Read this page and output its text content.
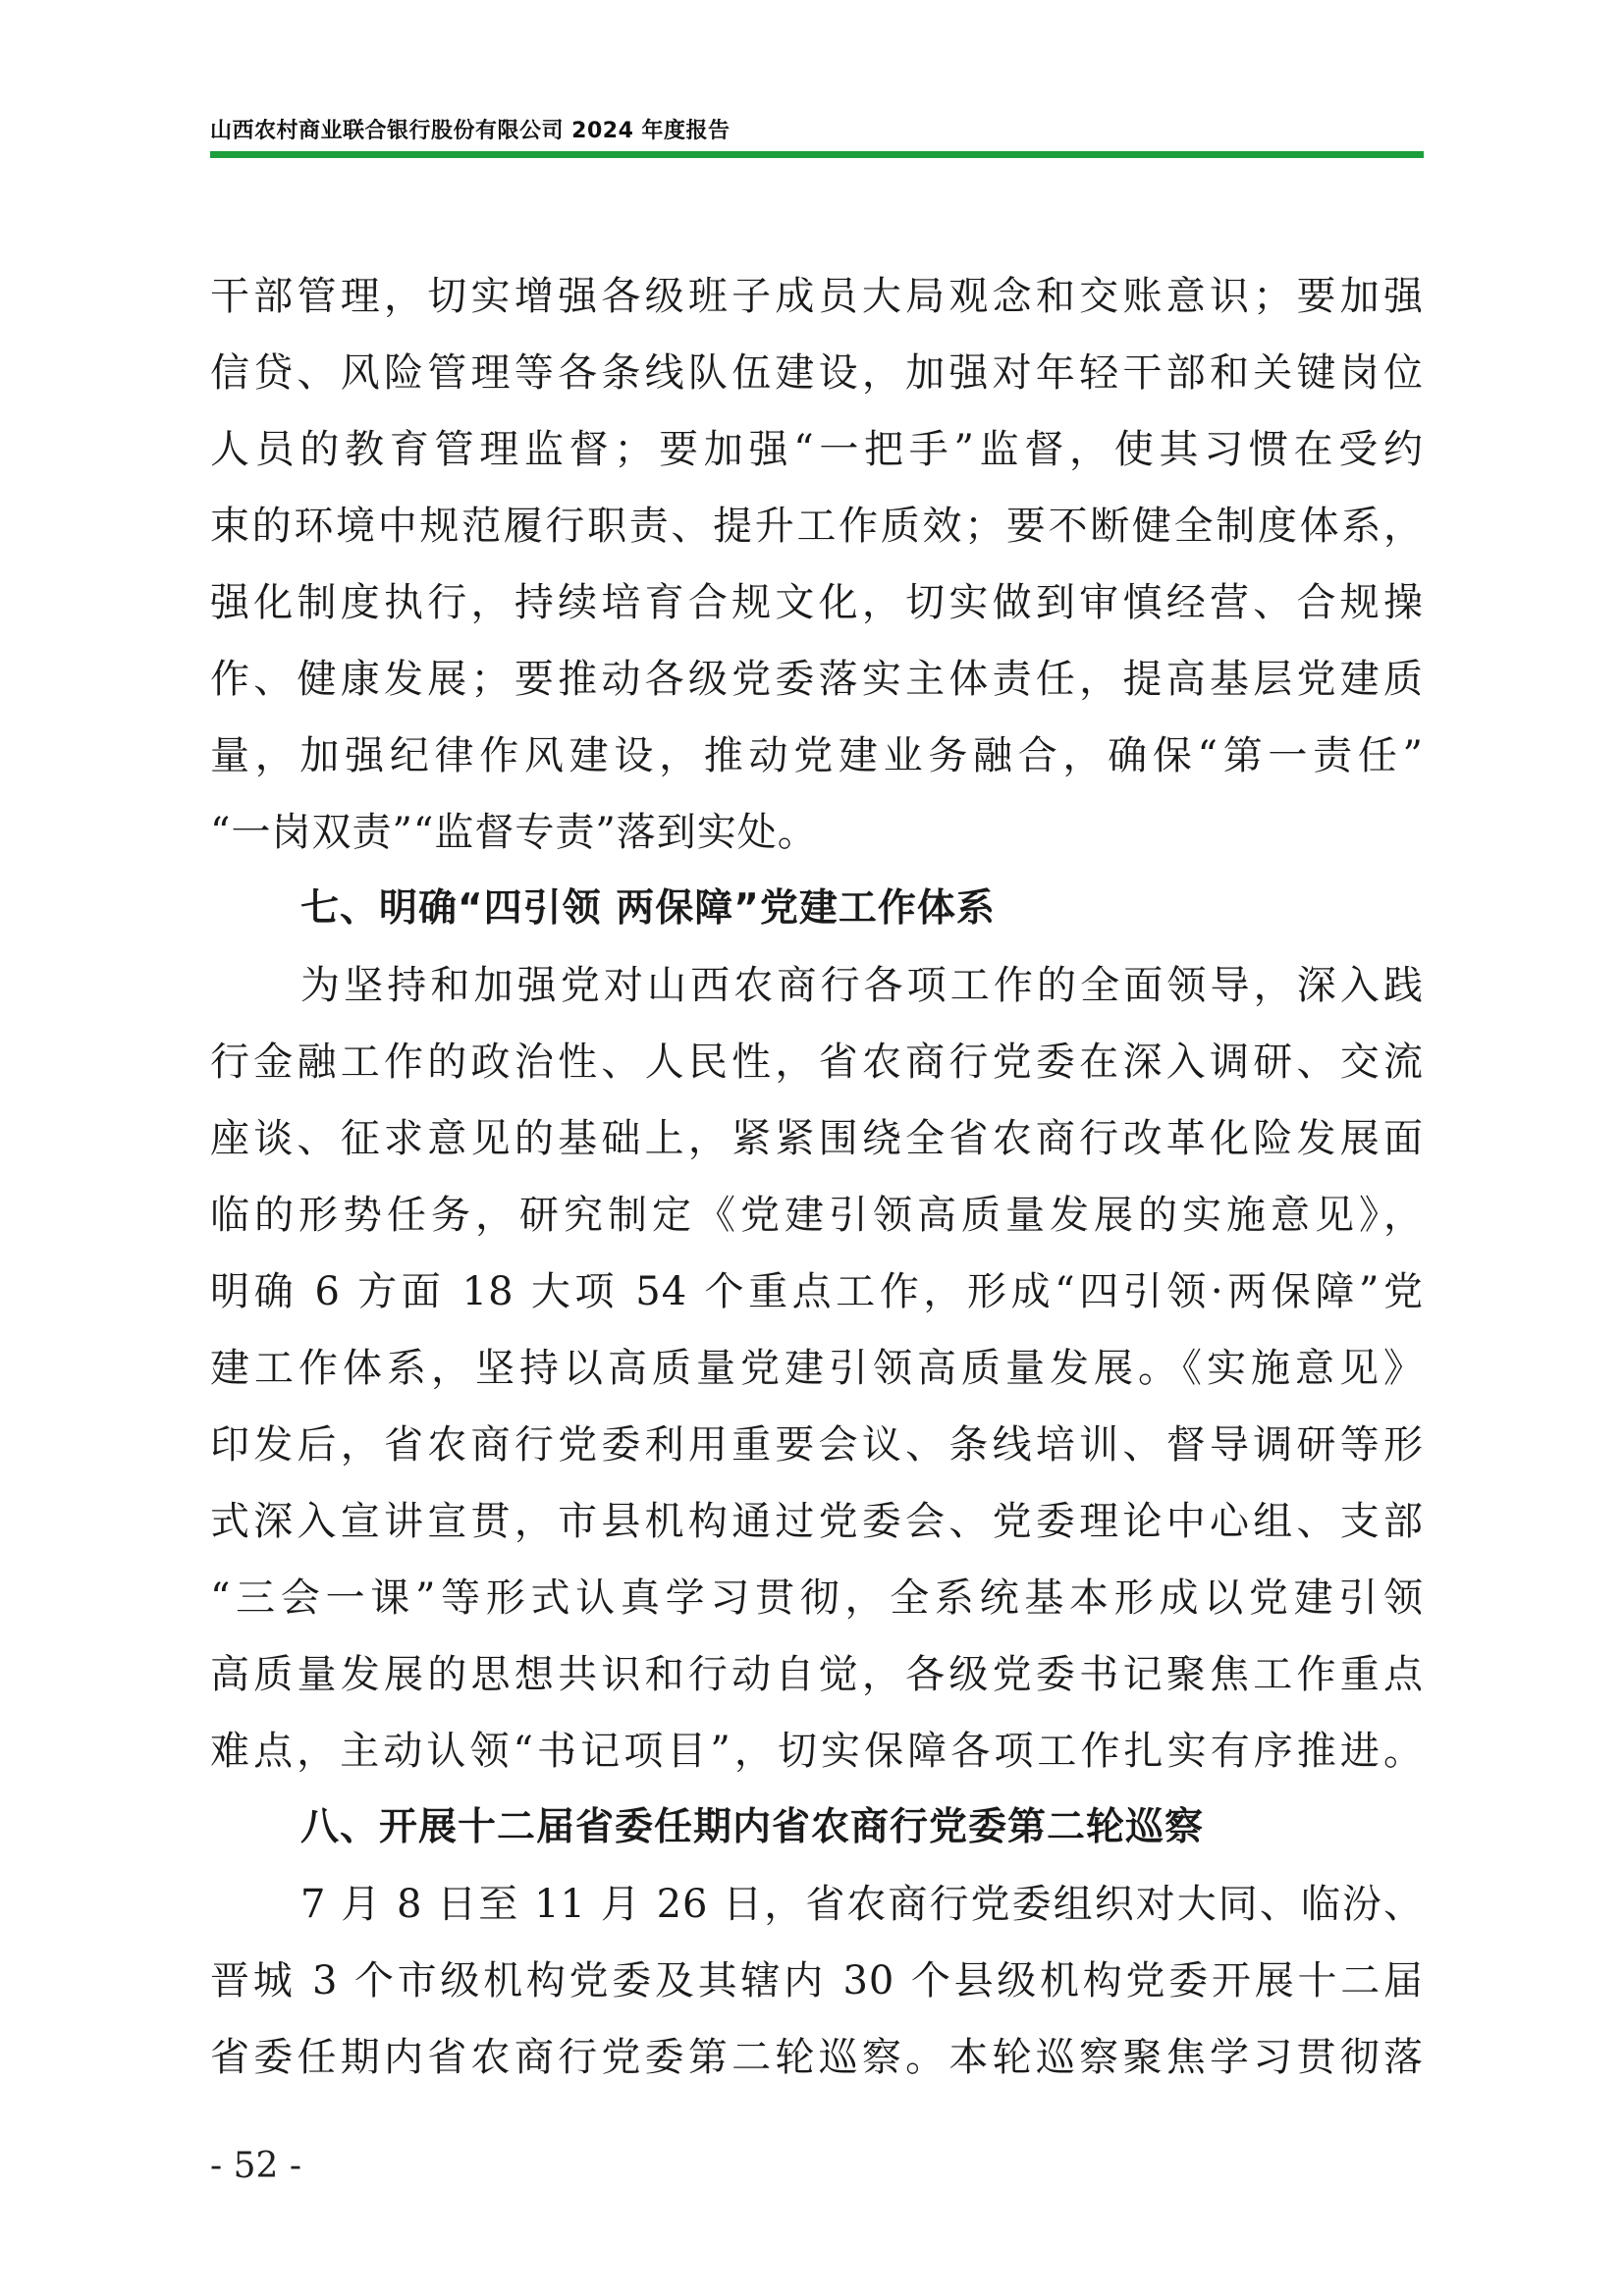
山西农村商业联合银行股份有限公司 2024 年度报告
干部管理，切实增强各级班子成员大局观念和交账意识；要加强
信贷、风险管理等各条线队伍建设，加强对年轻干部和关键岗位
人员的教育管理监督；要加强“一把手”监督，使其习惯在受约
束的环境中规范履行职责、提升工作质效；要不断健全制度体系，
强化制度执行，持续培育合规文化，切实做到审慎经营、合规操
作、健康发展；要推动各级党委落实主体责任，提高基层党建质
量，加强纪律作风建设，推动党建业务融合，确保“第一责任”
“一岗双责”“监督专责”落到实处。
七、明确“四引领 两保障”党建工作体系
为坚持和加强党对山西农商行各项工作的全面领导，深入践
行金融工作的政治性、人民性，省农商行党委在深入调研、交流
座谈、征求意见的基础上，紧紧围绕全省农商行改革化险发展面
临的形势任务，研究制定《党建引领高质量发展的实施意见》，
明确 6 方面 18 大项 54 个重点工作，形成“四引领·两保障”党
建工作体系，坚持以高质量党建引领高质量发展。《实施意见》
印发后，省农商行党委利用重要会议、条线培训、督导调研等形
式深入宣讲宣贯，市县机构通过党委会、党委理论中心组、支部
“三会一课”等形式认真学习贯彻，全系统基本形成以党建引领
高质量发展的思想共识和行动自觉，各级党委书记聚焦工作重点
难点，主动认领“书记项目”，切实保障各项工作扎实有序推进。
八、开展十二届省委任期内省农商行党委第二轮巡察
7 月 8 日至 11 月 26 日，省农商行党委组织对大同、临汾、
晋城 3 个市级机构党委及其辖内 30 个县级机构党委开展十二届
省委任期内省农商行党委第二轮巡察。本轮巡察聚焦学习贯彻落
- 52 -
